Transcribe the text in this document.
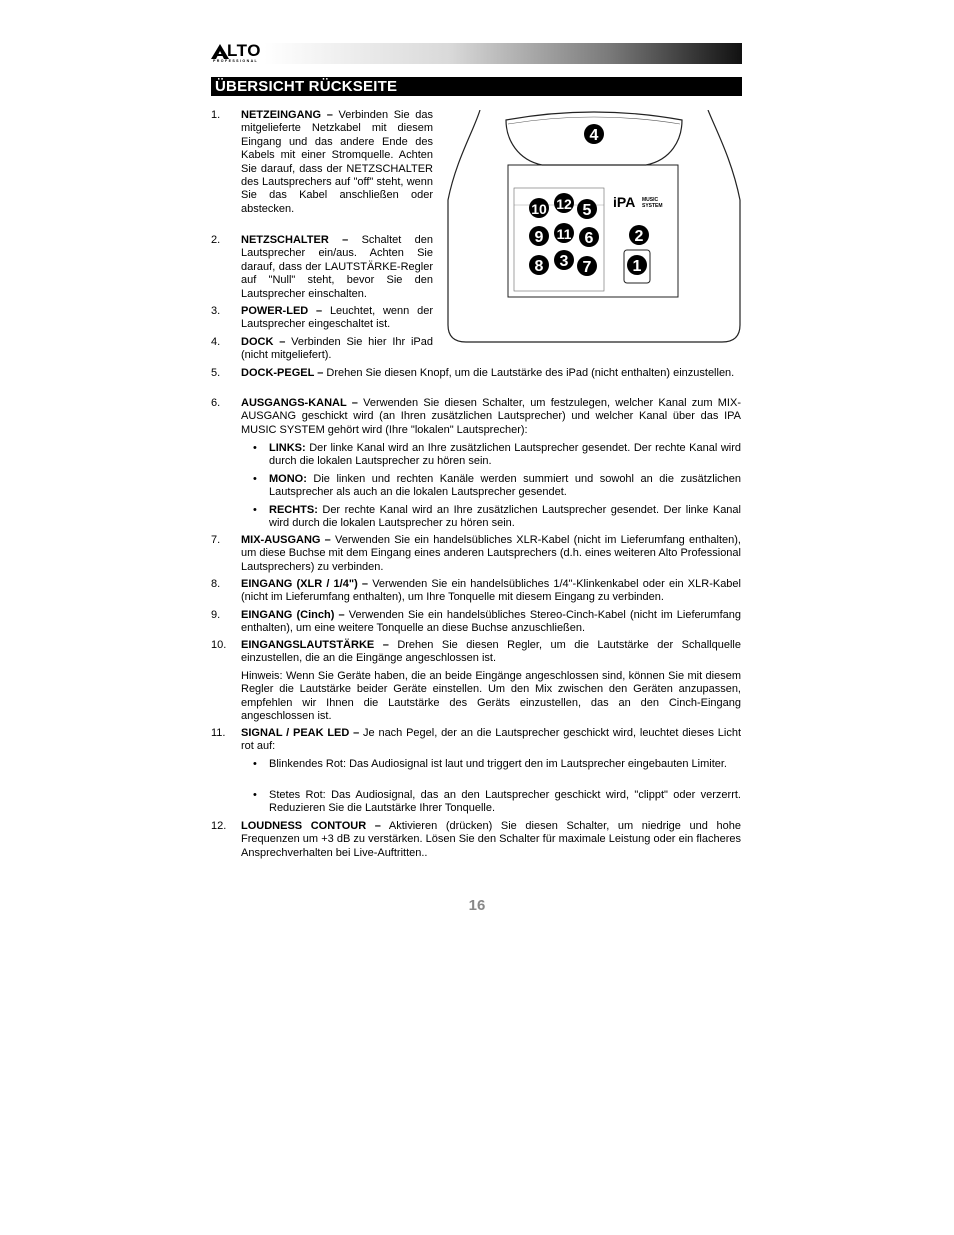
LTO
PROFESSIONAL
ÜBERSICHT RÜCKSEITE
iPA MUSIC
SYSTEM
4
10 12 5
9 11 6	2
8 3 7	1
1. NETZEINGANG – Verbinden Sie das mitgelieferte Netzkabel mit diesem Eingang und das andere Ende des Kabels mit einer Stromquelle. Achten Sie darauf, dass der NETZSCHALTER des Lautsprechers auf "off" steht, wenn Sie das Kabel anschließen oder abstecken.
2. NETZSCHALTER – Schaltet den Lautsprecher ein/aus. Achten Sie darauf, dass der LAUTSTÄRKE-Regler auf "Null" steht, bevor Sie den Lautsprecher einschalten.
3. POWER-LED – Leuchtet, wenn der Lautsprecher eingeschaltet ist.
4. DOCK – Verbinden Sie hier Ihr iPad (nicht mitgeliefert).
5. DOCK-PEGEL – Drehen Sie diesen Knopf, um die Lautstärke des iPad (nicht enthalten) einzustellen.
6. AUSGANGS-KANAL – Verwenden Sie diesen Schalter, um festzulegen, welcher Kanal zum MIX-AUSGANG geschickt wird (an Ihren zusätzlichen Lautsprecher) und welcher Kanal über das IPA MUSIC SYSTEM gehört wird (Ihre "lokalen" Lautsprecher):
• LINKS: Der linke Kanal wird an Ihre zusätzlichen Lautsprecher gesendet. Der rechte Kanal wird durch die lokalen Lautsprecher zu hören sein.
• MONO: Die linken und rechten Kanäle werden summiert und sowohl an die zusätzlichen Lautsprecher als auch an die lokalen Lautsprecher gesendet.
• RECHTS: Der rechte Kanal wird an Ihre zusätzlichen Lautsprecher gesendet. Der linke Kanal wird durch die lokalen Lautsprecher zu hören sein.
7. MIX-AUSGANG – Verwenden Sie ein handelsübliches XLR-Kabel (nicht im Lieferumfang enthalten), um diese Buchse mit dem Eingang eines anderen Lautsprechers (d.h. eines weiteren Alto Professional Lautsprechers) zu verbinden.
8. EINGANG (XLR / 1/4") – Verwenden Sie ein handelsübliches 1/4"-Klinkenkabel oder ein XLR-Kabel (nicht im Lieferumfang enthalten), um Ihre Tonquelle mit diesem Eingang zu verbinden.
9. EINGANG (Cinch) – Verwenden Sie ein handelsübliches Stereo-Cinch-Kabel (nicht im Lieferumfang enthalten), um eine weitere Tonquelle an diese Buchse anzuschließen.
10. EINGANGSLAUTSTÄRKE – Drehen Sie diesen Regler, um die Lautstärke der Schallquelle einzustellen, die an die Eingänge angeschlossen ist.
Hinweis: Wenn Sie Geräte haben, die an beide Eingänge angeschlossen sind, können Sie mit diesem Regler die Lautstärke beider Geräte einstellen. Um den Mix zwischen den Geräten anzupassen, empfehlen wir Ihnen die Lautstärke des Geräts einzustellen, das an den Cinch-Eingang angeschlossen ist.
11. SIGNAL / PEAK LED – Je nach Pegel, der an die Lautsprecher geschickt wird, leuchtet dieses Licht rot auf:
• Blinkendes Rot: Das Audiosignal ist laut und triggert den im Lautsprecher eingebauten Limiter.
• Stetes Rot: Das Audiosignal, das an den Lautsprecher geschickt wird, "clippt" oder verzerrt. Reduzieren Sie die Lautstärke Ihrer Tonquelle.
12. LOUDNESS CONTOUR – Aktivieren (drücken) Sie diesen Schalter, um niedrige und hohe Frequenzen um +3 dB zu verstärken. Lösen Sie den Schalter für maximale Leistung oder ein flacheres Ansprechverhalten bei Live-Auftritten..
16
